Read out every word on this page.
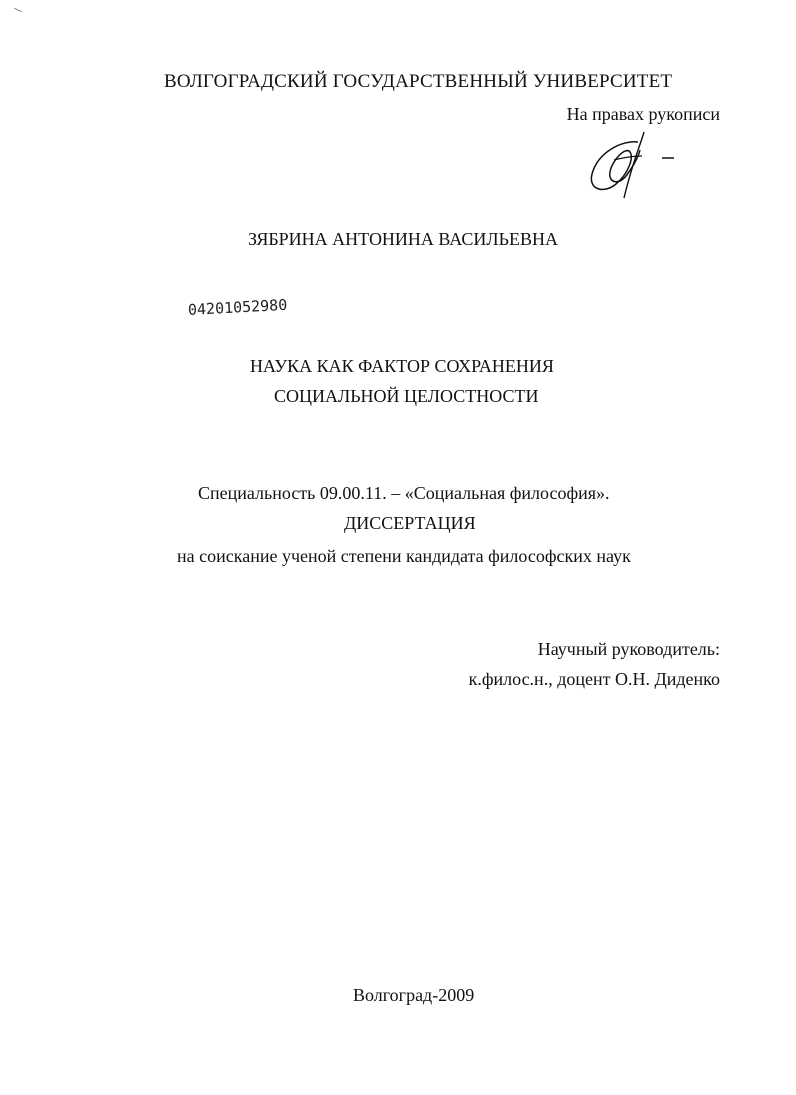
ВОЛГОГРАДСКИЙ ГОСУДАРСТВЕННЫЙ УНИВЕРСИТЕТ
На правах рукописи
ЗЯБРИНА АНТОНИНА ВАСИЛЬЕВНА
04201052980
НАУКА КАК ФАКТОР СОХРАНЕНИЯ
СОЦИАЛЬНОЙ ЦЕЛОСТНОСТИ
Специальность 09.00.11. – «Социальная философия».
ДИССЕРТАЦИЯ
на соискание ученой степени кандидата философских наук
Научный руководитель:
к.филос.н., доцент О.Н. Диденко
Волгоград-2009
